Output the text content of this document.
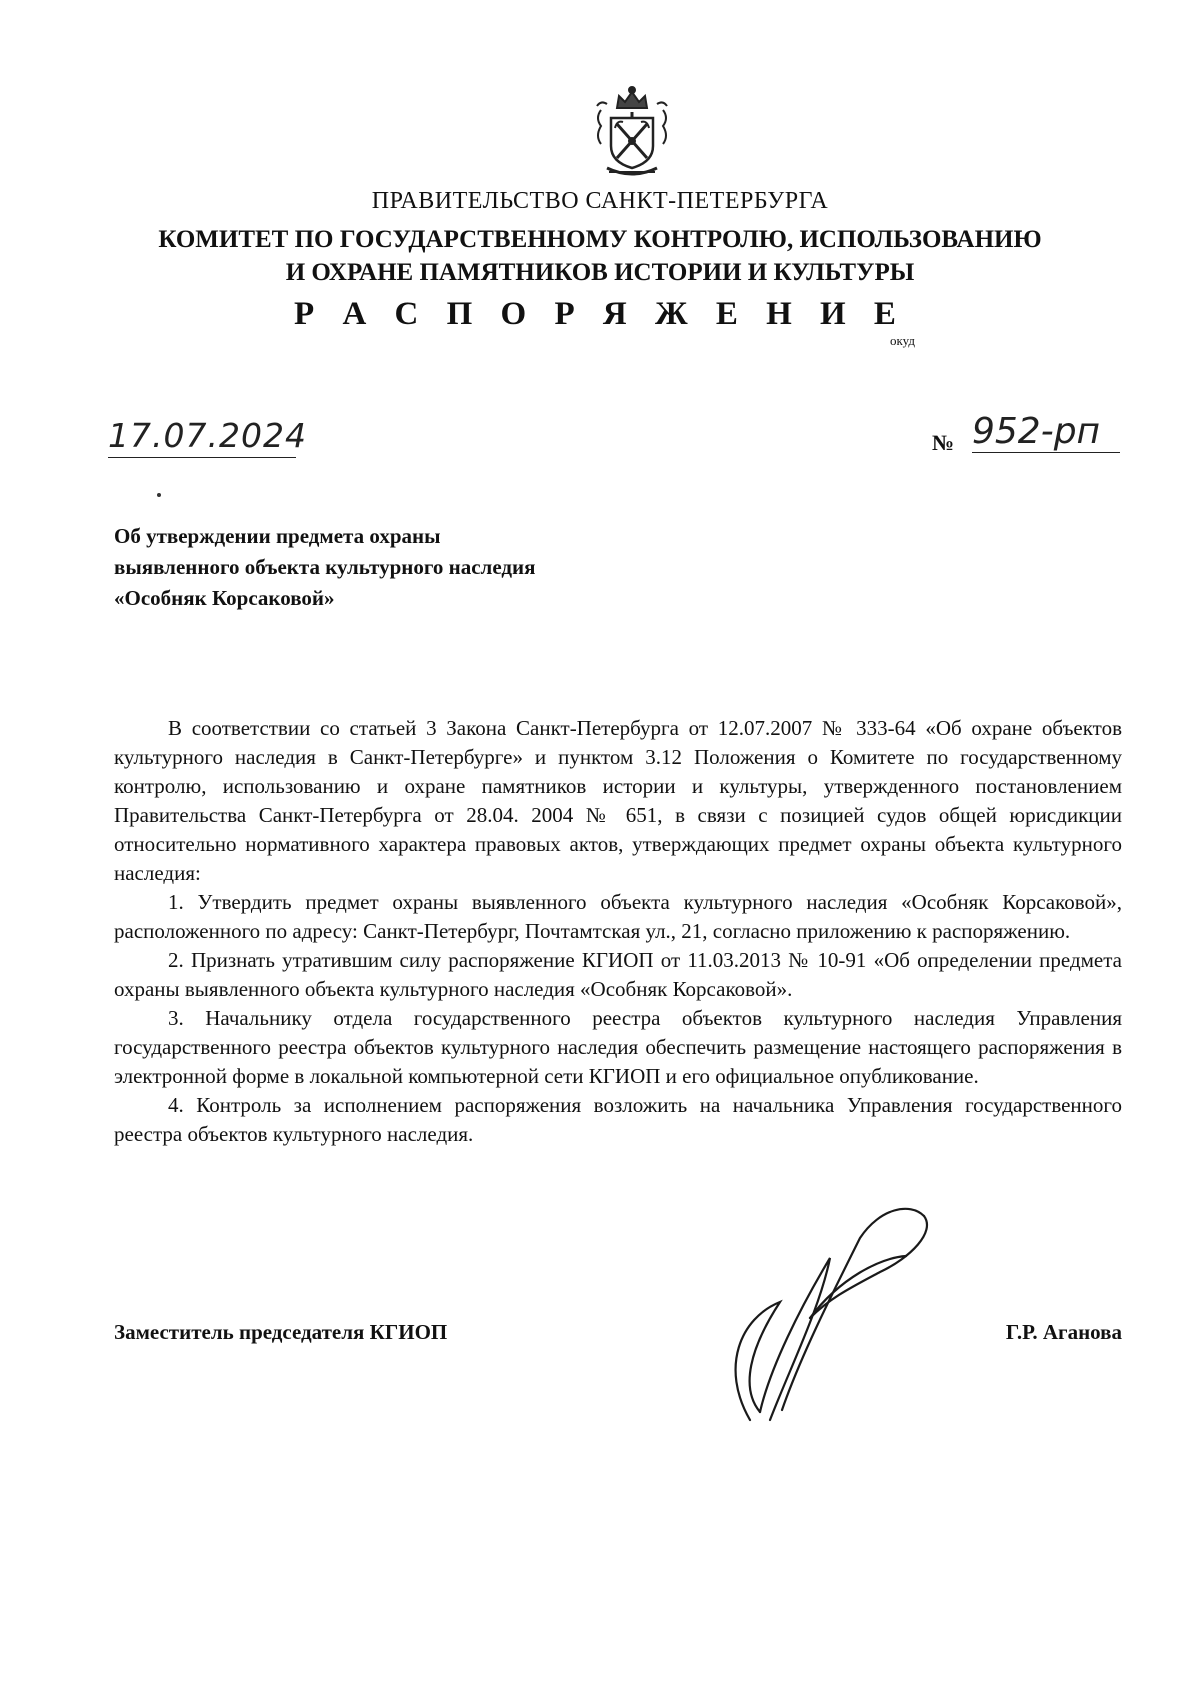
ПРАВИТЕЛЬСТВО САНКТ-ПЕТЕРБУРГА
КОМИТЕТ ПО ГОСУДАРСТВЕННОМУ КОНТРОЛЮ, ИСПОЛЬЗОВАНИЮ
И ОХРАНЕ ПАМЯТНИКОВ ИСТОРИИ И КУЛЬТУРЫ
Р А С П О Р Я Ж Е Н И Е
окуд
17.07.2024	№ 952-рп
Об утверждении предмета охраны
выявленного объекта культурного наследия
«Особняк Корсаковой»

В соответствии со статьей 3 Закона Санкт-Петербурга от 12.07.2007 № 333-64 «Об охране объектов культурного наследия в Санкт-Петербурге» и пунктом 3.12 Положения о Комитете по государственному контролю, использованию и охране памятников истории и культуры, утвержденного постановлением Правительства Санкт-Петербурга от 28.04. 2004 № 651, в связи с позицией судов общей юрисдикции относительно нормативного характера правовых актов, утверждающих предмет охраны объекта культурного наследия:

1. Утвердить предмет охраны выявленного объекта культурного наследия «Особняк Корсаковой», расположенного по адресу: Санкт-Петербург, Почтамтская ул., 21, согласно приложению к распоряжению.

2. Признать утратившим силу распоряжение КГИОП от 11.03.2013 № 10-91 «Об определении предмета охраны выявленного объекта культурного наследия «Особняк Корсаковой».

3. Начальнику отдела государственного реестра объектов культурного наследия Управления государственного реестра объектов культурного наследия обеспечить размещение настоящего распоряжения в электронной форме в локальной компьютерной сети КГИОП и его официальное опубликование.

4. Контроль за исполнением распоряжения возложить на начальника Управления государственного реестра объектов культурного наследия.

Заместитель председателя КГИОП	Г.Р. Аганова
